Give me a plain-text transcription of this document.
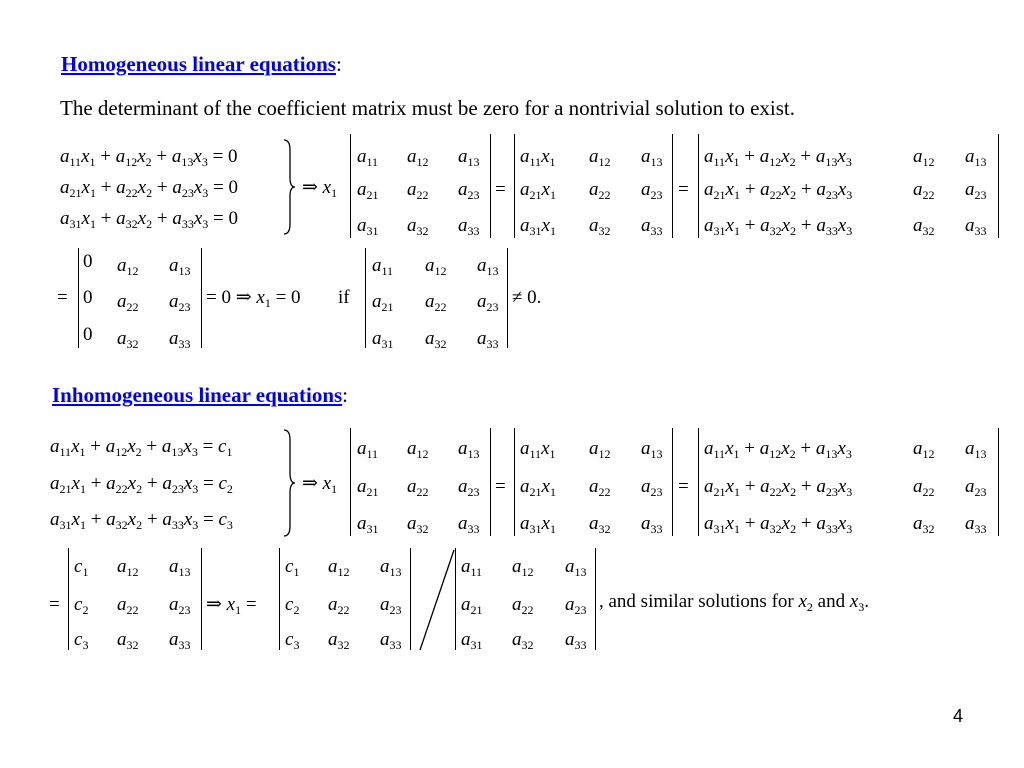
Homogeneous linear equations:
The determinant of the coefficient matrix must be zero for a nontrivial solution to exist.
$a_{11}x_1 + a_{12}x_2 + a_{13}x_3 = 0$
$a_{21}x_1 + a_{22}x_2 + a_{23}x_3 = 0$
$a_{31}x_1 + a_{32}x_2 + a_{33}x_3 = 0$
⇒ $x_1$
$a_{11}$ $a_{12}$ $a_{13}$
$a_{21}$ $a_{22}$ $a_{23}$
$a_{31}$ $a_{32}$ $a_{33}$
=
$a_{11}x_1$ $a_{12}$ $a_{13}$
$a_{21}x_1$ $a_{22}$ $a_{23}$
$a_{31}x_1$ $a_{32}$ $a_{33}$
=
$a_{11}x_1 + a_{12}x_2 + a_{13}x_3$	$a_{12}$ $a_{13}$
$a_{21}x_1 + a_{22}x_2 + a_{23}x_3$	$a_{22}$ $a_{23}$
$a_{31}x_1 + a_{32}x_2 + a_{33}x_3$	$a_{32}$ $a_{33}$
=
0 $a_{12}$ $a_{13}$
0 $a_{22}$ $a_{23}$
0 $a_{32}$ $a_{33}$
= 0 ⇒ $x_1 = 0$ if
$a_{11}$ $a_{12}$ $a_{13}$
$a_{21}$ $a_{22}$ $a_{23}$
$a_{31}$ $a_{32}$ $a_{33}$
≠ 0.
Inhomogeneous linear equations:
$a_{11}x_1 + a_{12}x_2 + a_{13}x_3 = c_1$
$a_{21}x_1 + a_{22}x_2 + a_{23}x_3 = c_2$
$a_{31}x_1 + a_{32}x_2 + a_{33}x_3 = c_3$
⇒ $x_1$
$a_{11}$ $a_{12}$ $a_{13}$
$a_{21}$ $a_{22}$ $a_{23}$
$a_{31}$ $a_{32}$ $a_{33}$
=
$a_{11}x_1$ $a_{12}$ $a_{13}$
$a_{21}x_1$ $a_{22}$ $a_{23}$
$a_{31}x_1$ $a_{32}$ $a_{33}$
=
$a_{11}x_1 + a_{12}x_2 + a_{13}x_3$	$a_{12}$ $a_{13}$
$a_{21}x_1 + a_{22}x_2 + a_{23}x_3$	$a_{22}$ $a_{23}$
$a_{31}x_1 + a_{32}x_2 + a_{33}x_3$	$a_{32}$ $a_{33}$
=
$c_1$ $a_{12}$ $a_{13}$
$c_2$ $a_{22}$ $a_{23}$
$c_3$ $a_{32}$ $a_{33}$
⇒ $x_1$ =
$c_1$ $a_{12}$ $a_{13}$
$c_2$ $a_{22}$ $a_{23}$
$c_3$ $a_{32}$ $a_{33}$
$a_{11}$ $a_{12}$ $a_{13}$
$a_{21}$ $a_{22}$ $a_{23}$
$a_{31}$ $a_{32}$ $a_{33}$
, and similar solutions for $x_2$ and $x_3$.
4
